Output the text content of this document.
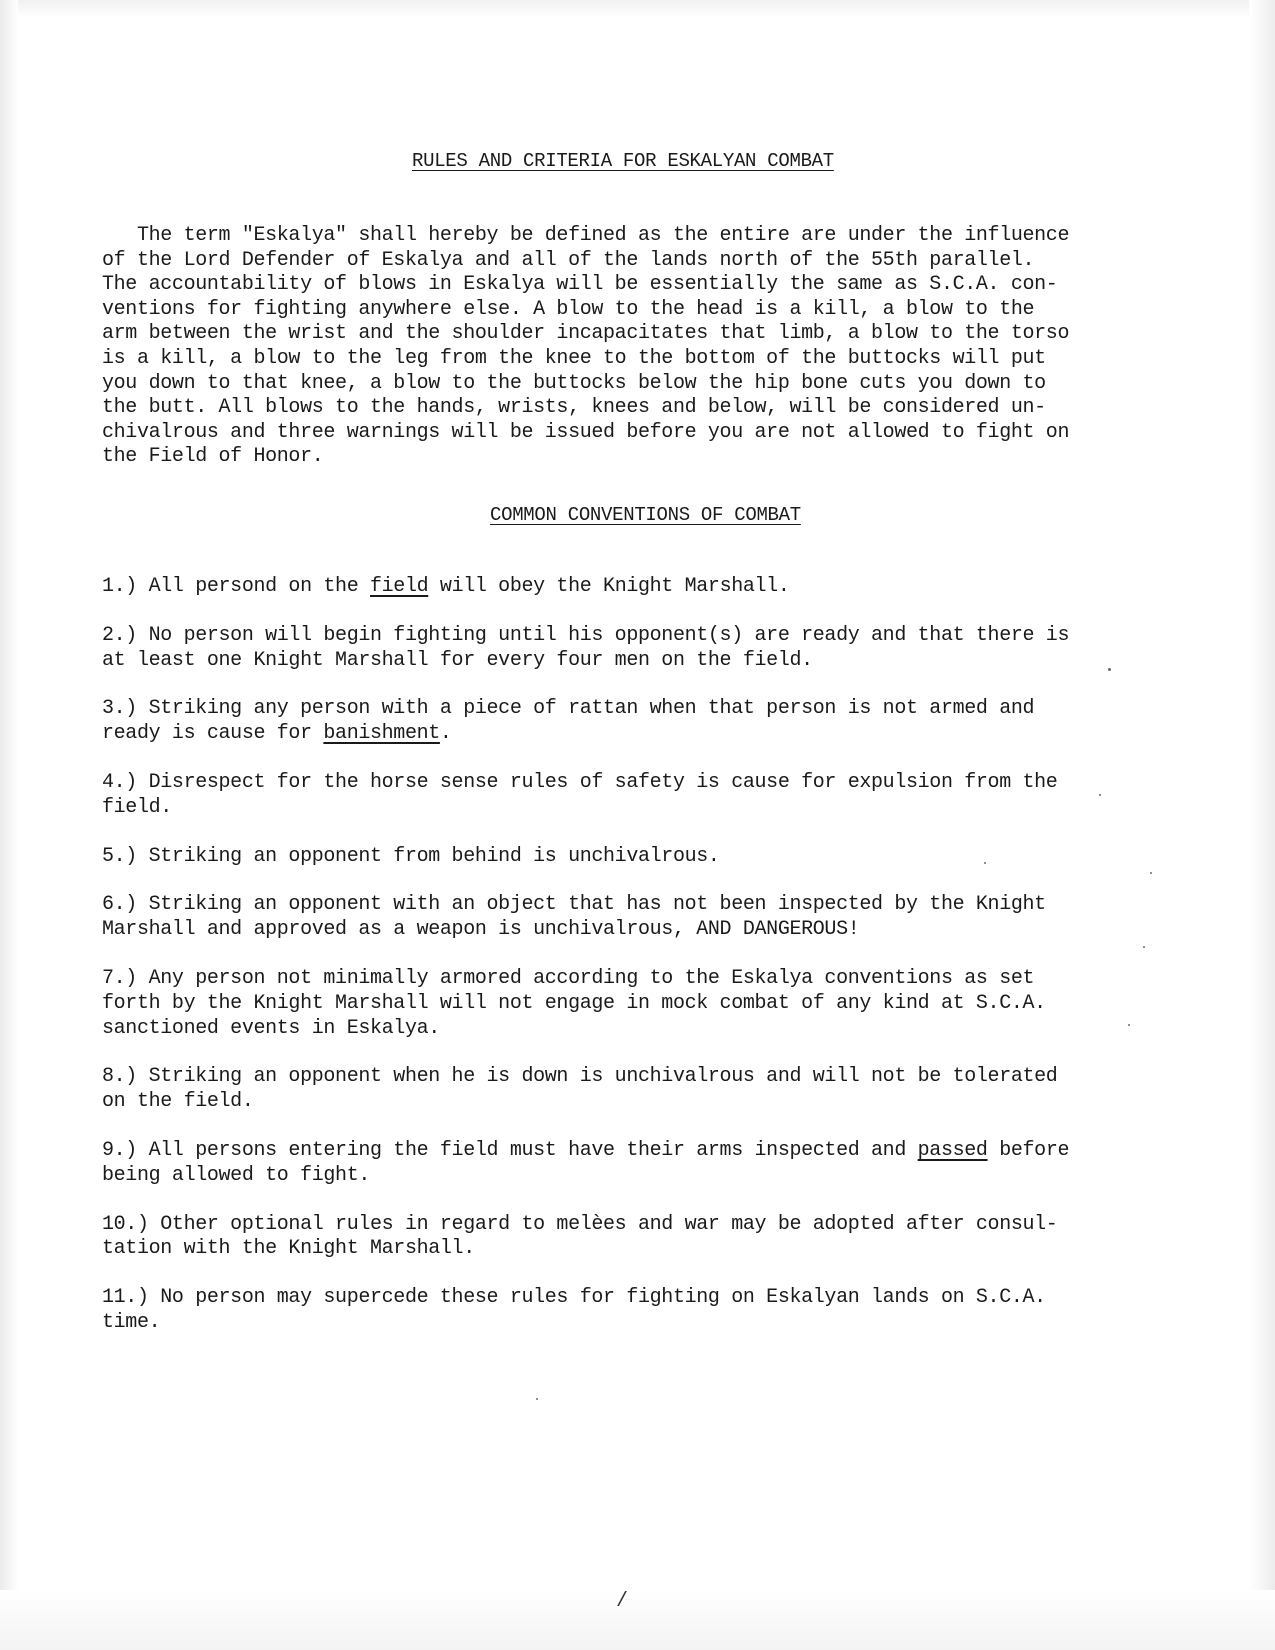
RULES AND CRITERIA FOR ESKALYAN COMBAT
The term "Eskalya" shall hereby be defined as the entire are under the influence
of the Lord Defender of Eskalya and all of the lands north of the 55th parallel.
The accountability of blows in Eskalya will be essentially the same as S.C.A. con-
ventions for fighting anywhere else. A blow to the head is a kill, a blow to the
arm between the wrist and the shoulder incapacitates that limb, a blow to the torso
is a kill, a blow to the leg from the knee to the bottom of the buttocks will put
you down to that knee, a blow to the buttocks below the hip bone cuts you down to
the butt. All blows to the hands, wrists, knees and below, will be considered un-
chivalrous and three warnings will be issued before you are not allowed to fight on
the Field of Honor.
COMMON CONVENTIONS OF COMBAT
1.) All persond on the field will obey the Knight Marshall.
2.) No person will begin fighting until his opponent(s) are ready and that there is
at least one Knight Marshall for every four men on the field.
3.) Striking any person with a piece of rattan when that person is not armed and
ready is cause for banishment.
4.) Disrespect for the horse sense rules of safety is cause for expulsion from the
field.
5.) Striking an opponent from behind is unchivalrous.
6.) Striking an opponent with an object that has not been inspected by the Knight
Marshall and approved as a weapon is unchivalrous, AND DANGEROUS!
7.) Any person not minimally armored according to the Eskalya conventions as set
forth by the Knight Marshall will not engage in mock combat of any kind at S.C.A.
sanctioned events in Eskalya.
8.) Striking an opponent when he is down is unchivalrous and will not be tolerated
on the field.
9.) All persons entering the field must have their arms inspected and passed before
being allowed to fight.
10.) Other optional rules in regard to melèes and war may be adopted after consul-
tation with the Knight Marshall.
11.) No person may supercede these rules for fighting on Eskalyan lands on S.C.A.
time.
/
